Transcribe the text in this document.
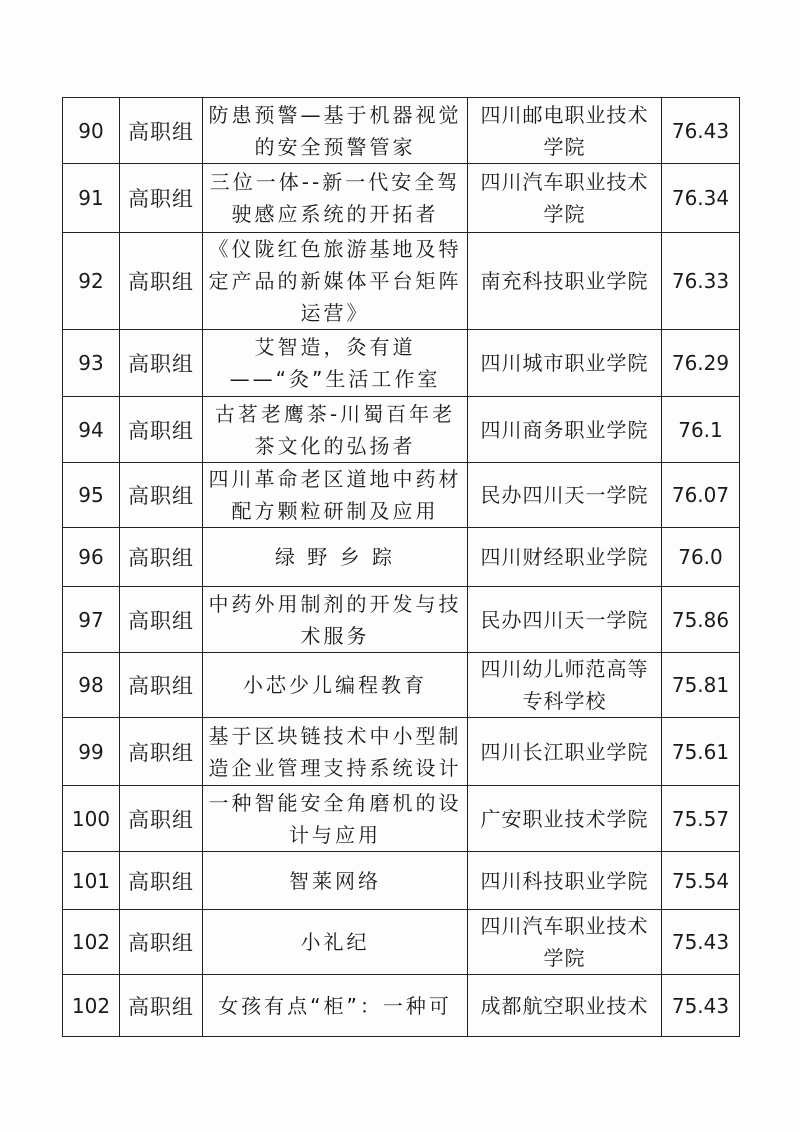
90	高职组	防患预警—基于机器视觉的安全预警管家	四川邮电职业技术学院	76.43
91	高职组	三位一体--新一代安全驾驶感应系统的开拓者	四川汽车职业技术学院	76.34
92	高职组	《仪陇红色旅游基地及特定产品的新媒体平台矩阵运营》	南充科技职业学院	76.33
93	高职组	艾智造，灸有道——“灸”生活工作室	四川城市职业学院	76.29
94	高职组	古茗老鹰茶-川蜀百年老茶文化的弘扬者	四川商务职业学院	76.1
95	高职组	四川革命老区道地中药材配方颗粒研制及应用	民办四川天一学院	76.07
96	高职组	绿 野 乡 踪	四川财经职业学院	76.0
97	高职组	中药外用制剂的开发与技术服务	民办四川天一学院	75.86
98	高职组	小芯少儿编程教育	四川幼儿师范高等专科学校	75.81
99	高职组	基于区块链技术中小型制造企业管理支持系统设计	四川长江职业学院	75.61
100	高职组	一种智能安全角磨机的设计与应用	广安职业技术学院	75.57
101	高职组	智莱网络	四川科技职业学院	75.54
102	高职组	小礼纪	四川汽车职业技术学院	75.43
102	高职组	女孩有点“柜”：一种可	成都航空职业技术	75.43
